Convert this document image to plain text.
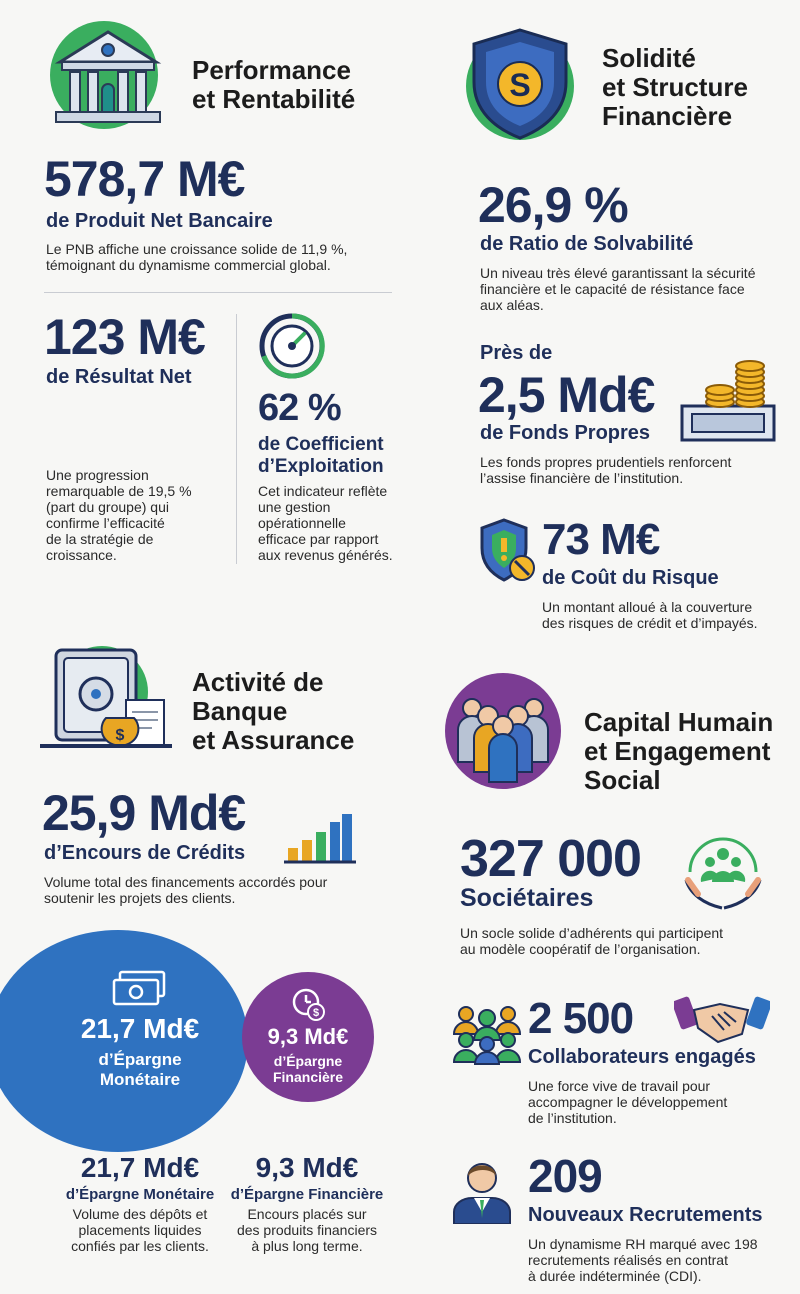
Performance
et Rentabilité
578,7 M€
de Produit Net Bancaire
Le PNB affiche une croissance solide de 11,9 %,
témoignant du dynamisme commercial global.
123 M€
de Résultat Net
Une progression
remarquable de 19,5 %
(part du groupe) qui
confirme l’efficacité
de la stratégie de
croissance.
62 %
de Coefficient
d’Exploitation
Cet indicateur reflète
une gestion
opérationnelle
efficace par rapport
aux revenus générés.
S
Solidité
et Structure
Financière
26,9 %
de Ratio de Solvabilité
Un niveau très élevé garantissant la sécurité
financière et le capacité de résistance face
aux aléas.
Près de
2,5 Md€
de Fonds Propres
Les fonds propres prudentiels renforcent
l’assise financière de l’institution.
73 M€
de Coût du Risque
Un montant alloué à la couverture
des risques de crédit et d’impayés.
$
Activité de
Banque
et Assurance
25,9 Md€
d’Encours de Crédits
Volume total des financements accordés pour
soutenir les projets des clients.
21,7 Md€
d’Épargne
Monétaire
$
9,3 Md€
d’Épargne
Financière
21,7 Md€
d’Épargne Monétaire
Volume des dépôts et
placements liquides
confiés par les clients.
9,3 Md€
d’Épargne Financière
Encours placés sur
des produits financiers
à plus long terme.
Capital Humain
et Engagement
Social
327 000
Sociétaires
Un socle solide d’adhérents qui participent
au modèle coopératif de l’organisation.
2 500
Collaborateurs engagés
Une force vive de travail pour
accompagner le développement
de l’institution.
209
Nouveaux Recrutements
Un dynamisme RH marqué avec 198
recrutements réalisés en contrat
à durée indéterminée (CDI).
